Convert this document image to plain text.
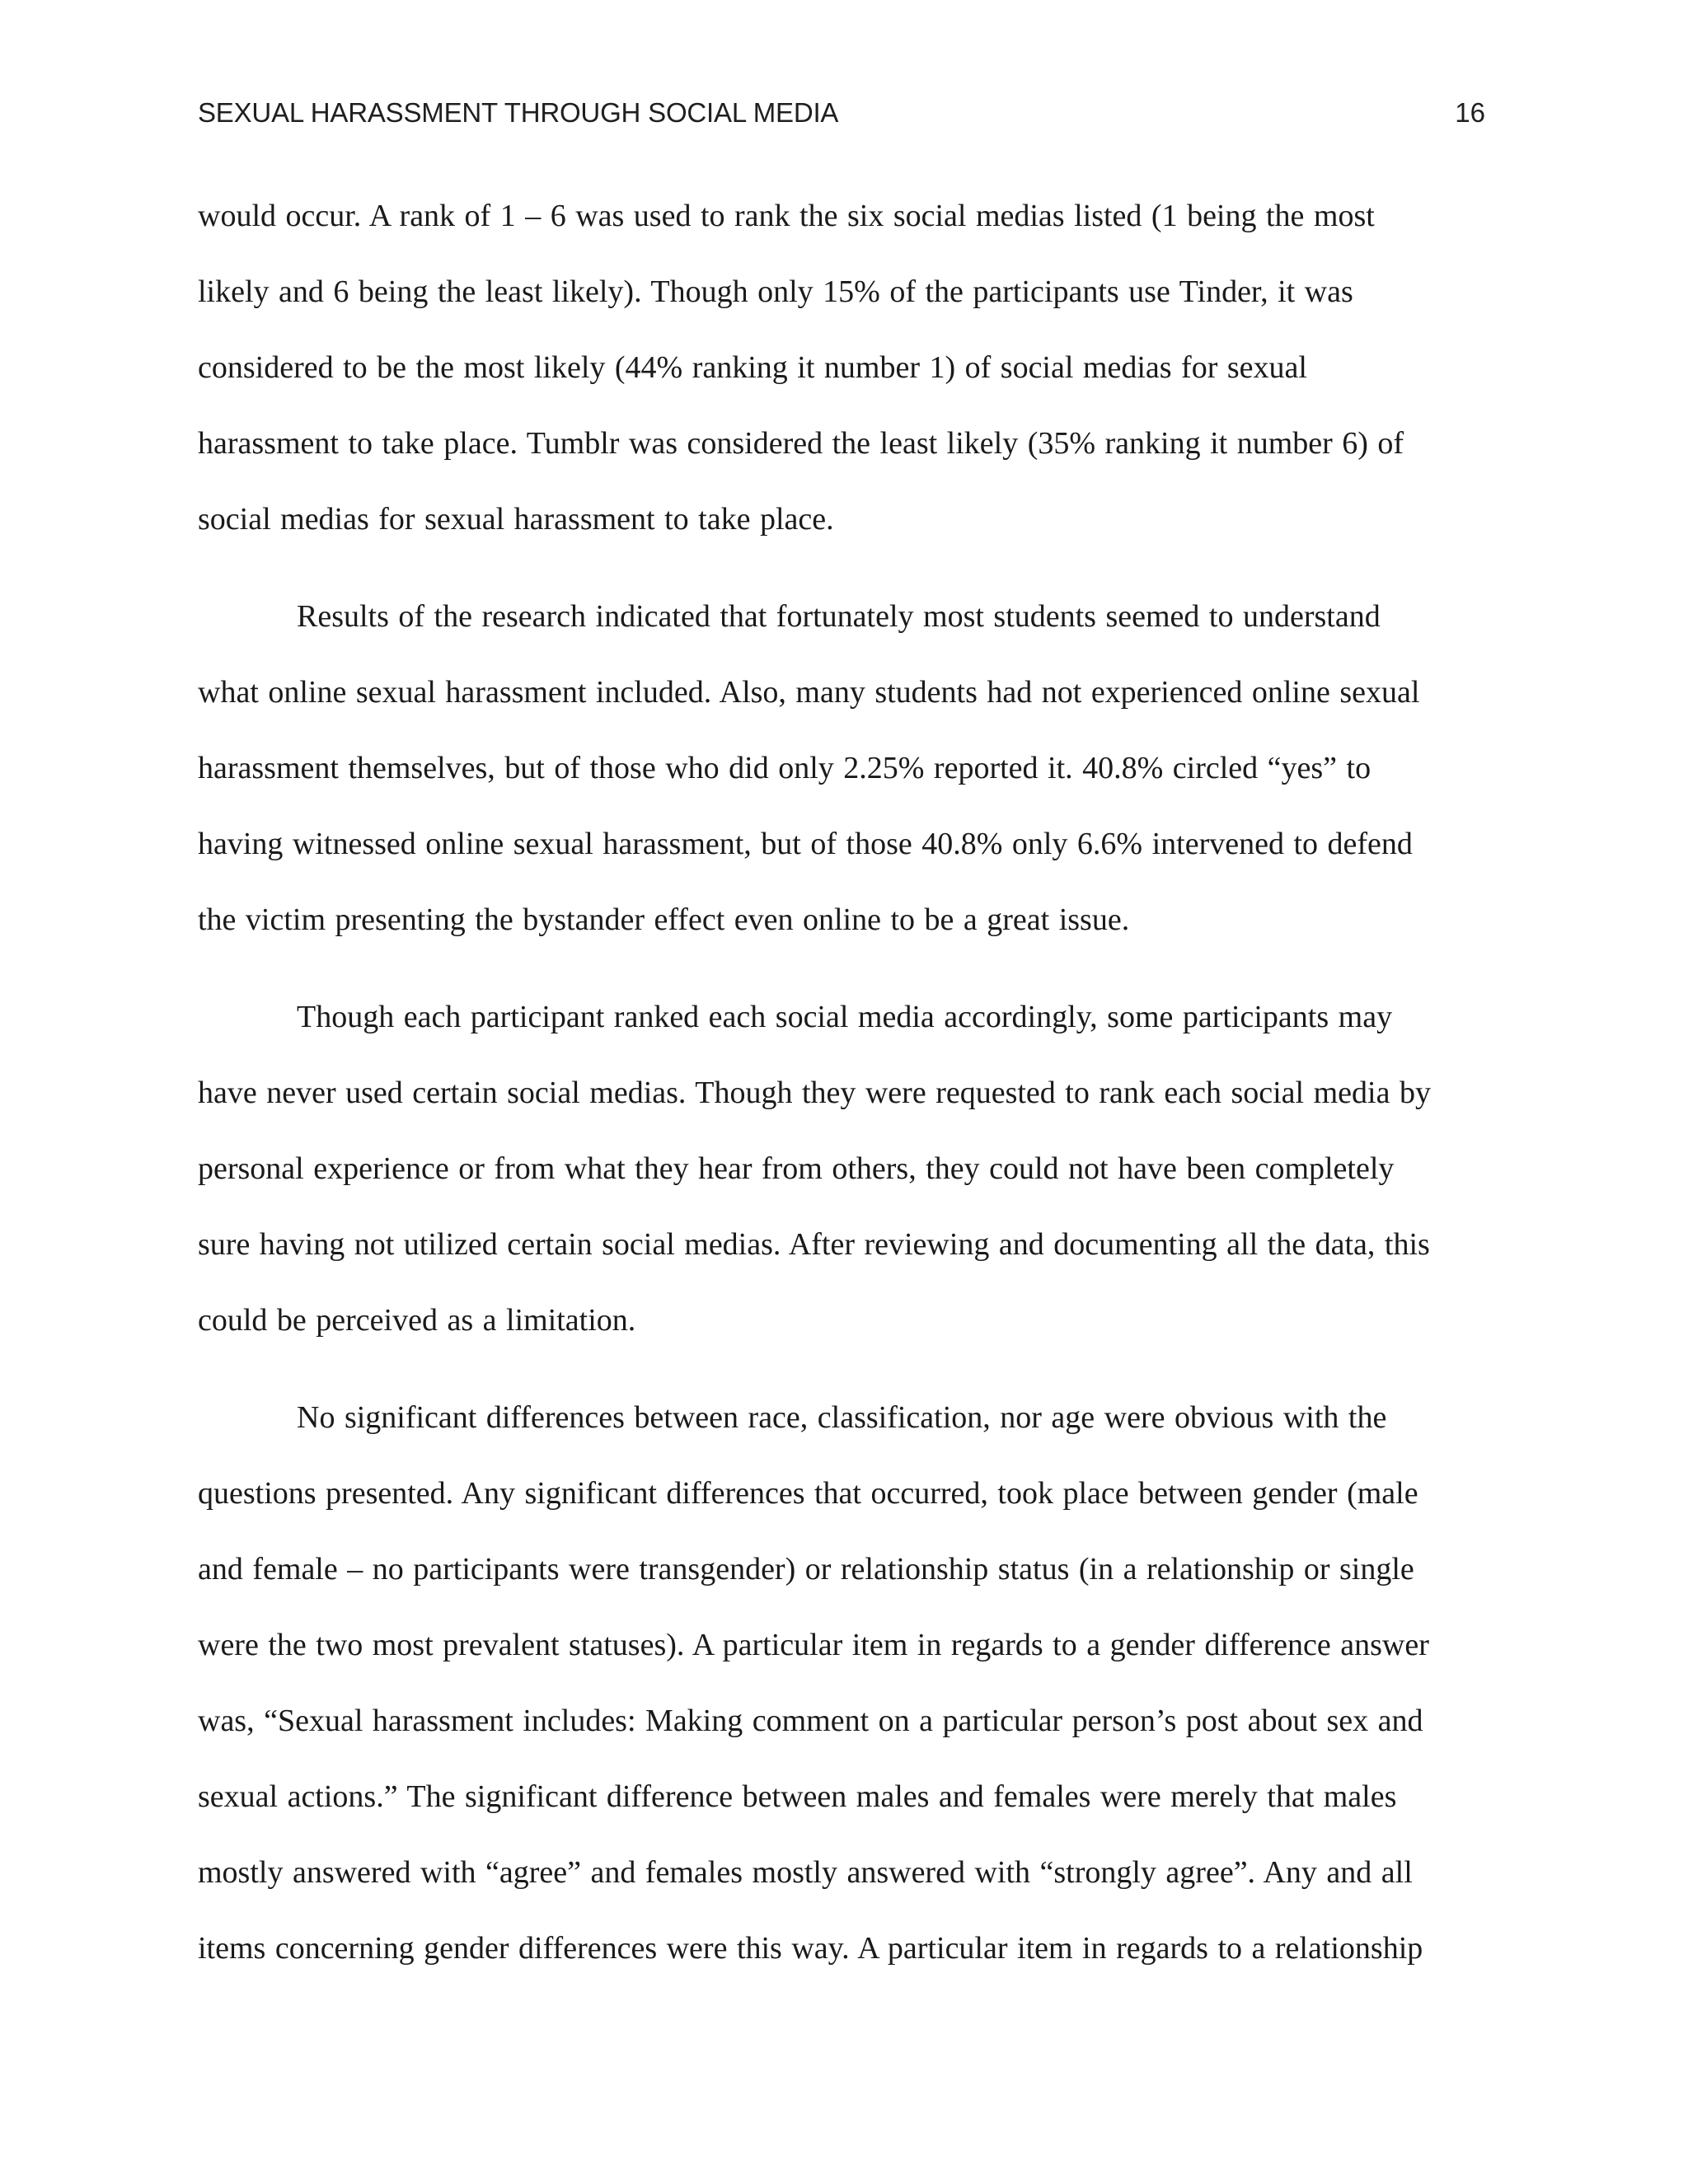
SEXUAL HARASSMENT THROUGH SOCIAL MEDIA	16
would occur. A rank of 1 – 6 was used to rank the six social medias listed (1 being the most
likely and 6 being the least likely). Though only 15% of the participants use Tinder, it was
considered to be the most likely (44% ranking it number 1) of social medias for sexual
harassment to take place. Tumblr was considered the least likely (35% ranking it number 6) of
social medias for sexual harassment to take place.
Results of the research indicated that fortunately most students seemed to understand
what online sexual harassment included. Also, many students had not experienced online sexual
harassment themselves, but of those who did only 2.25% reported it. 40.8% circled “yes” to
having witnessed online sexual harassment, but of those 40.8% only 6.6% intervened to defend
the victim presenting the bystander effect even online to be a great issue.
Though each participant ranked each social media accordingly, some participants may
have never used certain social medias. Though they were requested to rank each social media by
personal experience or from what they hear from others, they could not have been completely
sure having not utilized certain social medias. After reviewing and documenting all the data, this
could be perceived as a limitation.
No significant differences between race, classification, nor age were obvious with the
questions presented. Any significant differences that occurred, took place between gender (male
and female – no participants were transgender) or relationship status (in a relationship or single
were the two most prevalent statuses). A particular item in regards to a gender difference answer
was, “Sexual harassment includes: Making comment on a particular person’s post about sex and
sexual actions.” The significant difference between males and females were merely that males
mostly answered with “agree” and females mostly answered with “strongly agree”. Any and all
items concerning gender differences were this way. A particular item in regards to a relationship
